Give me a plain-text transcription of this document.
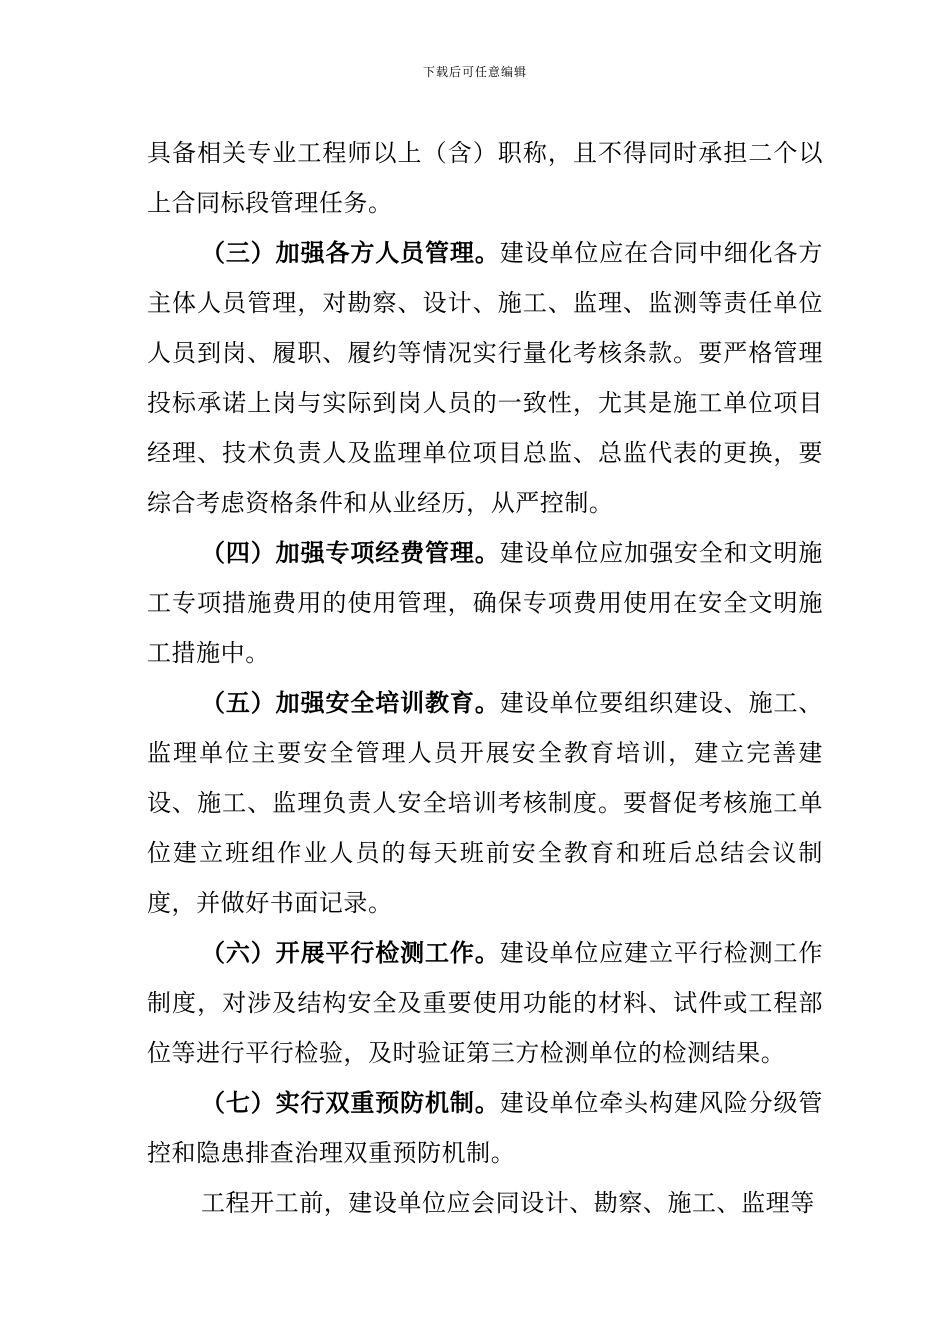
下载后可任意编辑

具备相关专业工程师以上（含）职称，且不得同时承担二个以上合同标段管理任务。

（三）加强各方人员管理。建设单位应在合同中细化各方主体人员管理，对勘察、设计、施工、监理、监测等责任单位人员到岗、履职、履约等情况实行量化考核条款。要严格管理投标承诺上岗与实际到岗人员的一致性，尤其是施工单位项目经理、技术负责人及监理单位项目总监、总监代表的更换，要综合考虑资格条件和从业经历，从严控制。

（四）加强专项经费管理。建设单位应加强安全和文明施工专项措施费用的使用管理，确保专项费用使用在安全文明施工措施中。

（五）加强安全培训教育。建设单位要组织建设、施工、监理单位主要安全管理人员开展安全教育培训，建立完善建设、施工、监理负责人安全培训考核制度。要督促考核施工单位建立班组作业人员的每天班前安全教育和班后总结会议制度，并做好书面记录。

（六）开展平行检测工作。建设单位应建立平行检测工作制度，对涉及结构安全及重要使用功能的材料、试件或工程部位等进行平行检验，及时验证第三方检测单位的检测结果。

（七）实行双重预防机制。建设单位牵头构建风险分级管控和隐患排查治理双重预防机制。

工程开工前，建设单位应会同设计、勘察、施工、监理等
